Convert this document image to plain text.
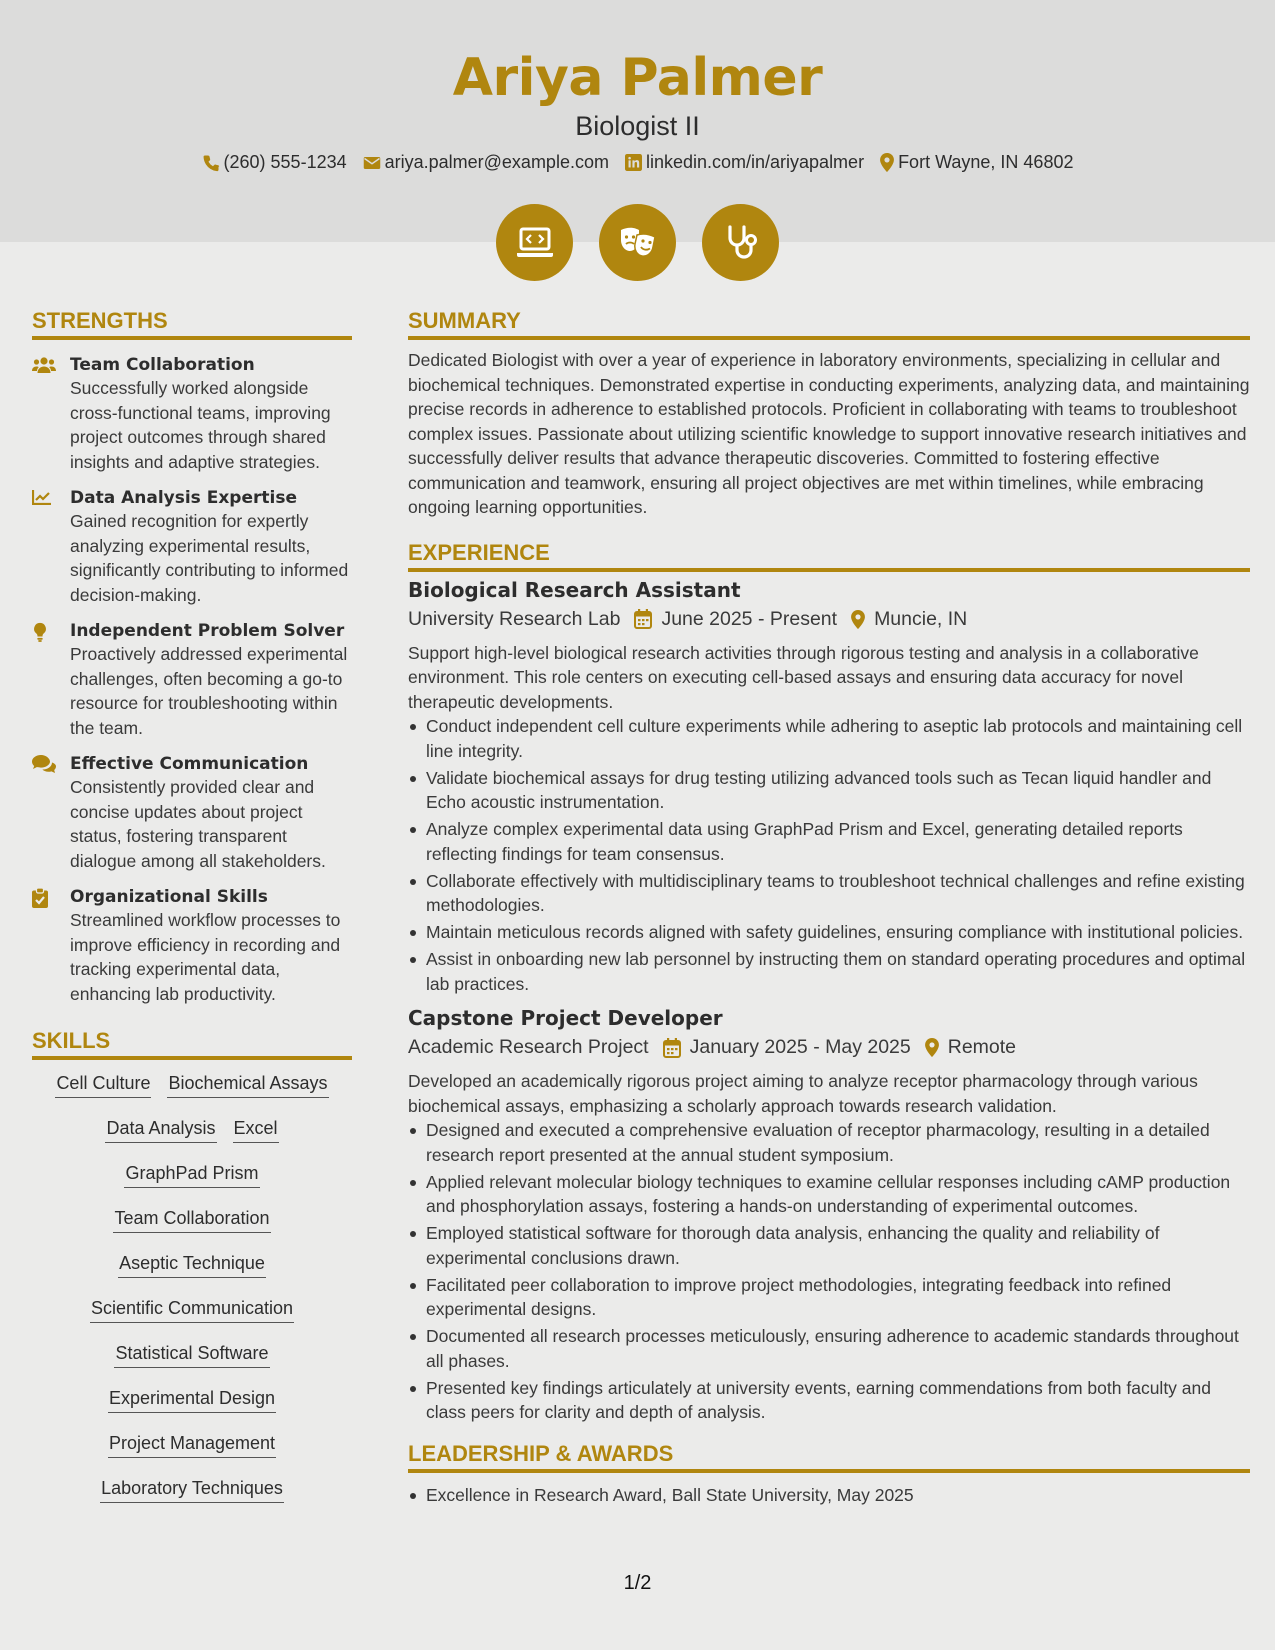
Ariya Palmer
Biologist II
(260) 555-1234 ariya.palmer@example.com linkedin.com/in/ariyapalmer Fort Wayne, IN 46802
STRENGTHS
Team Collaboration
Successfully worked alongside cross-functional teams, improving project outcomes through shared insights and adaptive strategies.
Data Analysis Expertise
Gained recognition for expertly analyzing experimental results, significantly contributing to informed decision-making.
Independent Problem Solver
Proactively addressed experimental challenges, often becoming a go-to resource for troubleshooting within the team.
Effective Communication
Consistently provided clear and concise updates about project status, fostering transparent dialogue among all stakeholders.
Organizational Skills
Streamlined workflow processes to improve efficiency in recording and tracking experimental data, enhancing lab productivity.
SKILLS
Cell Culture Biochemical Assays
Data Analysis Excel
GraphPad Prism
Team Collaboration
Aseptic Technique
Scientific Communication
Statistical Software
Experimental Design
Project Management
Laboratory Techniques
SUMMARY
Dedicated Biologist with over a year of experience in laboratory environments, specializing in cellular and biochemical techniques. Demonstrated expertise in conducting experiments, analyzing data, and maintaining precise records in adherence to established protocols. Proficient in collaborating with teams to troubleshoot complex issues. Passionate about utilizing scientific knowledge to support innovative research initiatives and successfully deliver results that advance therapeutic discoveries. Committed to fostering effective communication and teamwork, ensuring all project objectives are met within timelines, while embracing ongoing learning opportunities.
EXPERIENCE
Biological Research Assistant
University Research Lab June 2025 - Present Muncie, IN
Support high-level biological research activities through rigorous testing and analysis in a collaborative environment. This role centers on executing cell-based assays and ensuring data accuracy for novel therapeutic developments.
Conduct independent cell culture experiments while adhering to aseptic lab protocols and maintaining cell line integrity.
Validate biochemical assays for drug testing utilizing advanced tools such as Tecan liquid handler and Echo acoustic instrumentation.
Analyze complex experimental data using GraphPad Prism and Excel, generating detailed reports reflecting findings for team consensus.
Collaborate effectively with multidisciplinary teams to troubleshoot technical challenges and refine existing methodologies.
Maintain meticulous records aligned with safety guidelines, ensuring compliance with institutional policies.
Assist in onboarding new lab personnel by instructing them on standard operating procedures and optimal lab practices.
Capstone Project Developer
Academic Research Project January 2025 - May 2025 Remote
Developed an academically rigorous project aiming to analyze receptor pharmacology through various biochemical assays, emphasizing a scholarly approach towards research validation.
Designed and executed a comprehensive evaluation of receptor pharmacology, resulting in a detailed research report presented at the annual student symposium.
Applied relevant molecular biology techniques to examine cellular responses including cAMP production and phosphorylation assays, fostering a hands-on understanding of experimental outcomes.
Employed statistical software for thorough data analysis, enhancing the quality and reliability of experimental conclusions drawn.
Facilitated peer collaboration to improve project methodologies, integrating feedback into refined experimental designs.
Documented all research processes meticulously, ensuring adherence to academic standards throughout all phases.
Presented key findings articulately at university events, earning commendations from both faculty and class peers for clarity and depth of analysis.
LEADERSHIP & AWARDS
Excellence in Research Award, Ball State University, May 2025
1/2
